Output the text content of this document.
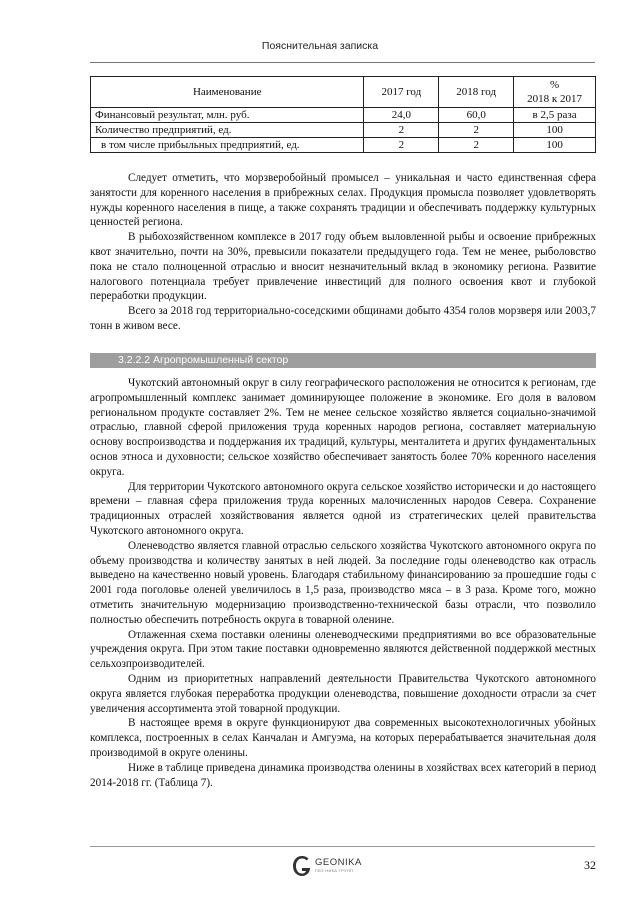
Пояснительная записка
Наименование	2017 год	2018 год	%
2018 к 2017
Финансовый результат, млн. руб.	24,0	60,0	в 2,5 раза
Количество предприятий, ед.	2	2	100
в том числе прибыльных предприятий, ед.	2	2	100

Следует отметить, что морзверобойный промысел – уникальная и часто единственная сфера занятости для коренного населения в прибрежных селах. Продукция промысла позволяет удовлетворять нужды коренного населения в пище, а также сохранять традиции и обеспечивать поддержку культурных ценностей региона.

В рыбохозяйственном комплексе в 2017 году объем выловленной рыбы и освоение прибрежных квот значительно, почти на 30%, превысили показатели предыдущего года. Тем не менее, рыболовство пока не стало полноценной отраслью и вносит незначительный вклад в экономику региона. Развитие налогового потенциала требует привлечение инвестиций для полного освоения квот и глубокой переработки продукции.

Всего за 2018 год территориально-соседскими общинами добыто 4354 голов морзверя или 2003,7 тонн в живом весе.

3.2.2.2 Агропромышленный сектор

Чукотский автономный округ в силу географического расположения не относится к регионам, где агропромышленный комплекс занимает доминирующее положение в экономике. Его доля в валовом региональном продукте составляет 2%. Тем не менее сельское хозяйство является социально-значимой отраслью, главной сферой приложения труда коренных народов региона, составляет материальную основу воспроизводства и поддержания их традиций, культуры, менталитета и других фундаментальных основ этноса и духовности; сельское хозяйство обеспечивает занятость более 70% коренного населения округа.

Для территории Чукотского автономного округа сельское хозяйство исторически и до настоящего времени – главная сфера приложения труда коренных малочисленных народов Севера. Сохранение традиционных отраслей хозяйствования является одной из стратегических целей правительства Чукотского автономного округа.

Оленеводство является главной отраслью сельского хозяйства Чукотского автономного округа по объему производства и количеству занятых в ней людей. За последние годы оленеводство как отрасль выведено на качественно новый уровень. Благодаря стабильному финансированию за прошедшие годы с 2001 года поголовье оленей увеличилось в 1,5 раза, производство мяса – в 3 раза. Кроме того, можно отметить значительную модернизацию производственно-технической базы отрасли, что позволило полностью обеспечить потребность округа в товарной оленине.

Отлаженная схема поставки оленины оленеводческими предприятиями во все образовательные учреждения округа. При этом такие поставки одновременно являются действенной поддержкой местных сельхозпроизводителей.

Одним из приоритетных направлений деятельности Правительства Чукотского автономного округа является глубокая переработка продукции оленеводства, повышение доходности отрасли за счет увеличения ассортимента этой товарной продукции.

В настоящее время в округе функционируют два современных высокотехнологичных убойных комплекса, построенных в селах Канчалан и Амгуэма, на которых перерабатывается значительная доля производимой в округе оленины.

Ниже в таблице приведена динамика производства оленины в хозяйствах всех категорий в период 2014-2018 гг. (Таблица 7).

GEONIKA
ГЕО НИКА ГРУПП	32
